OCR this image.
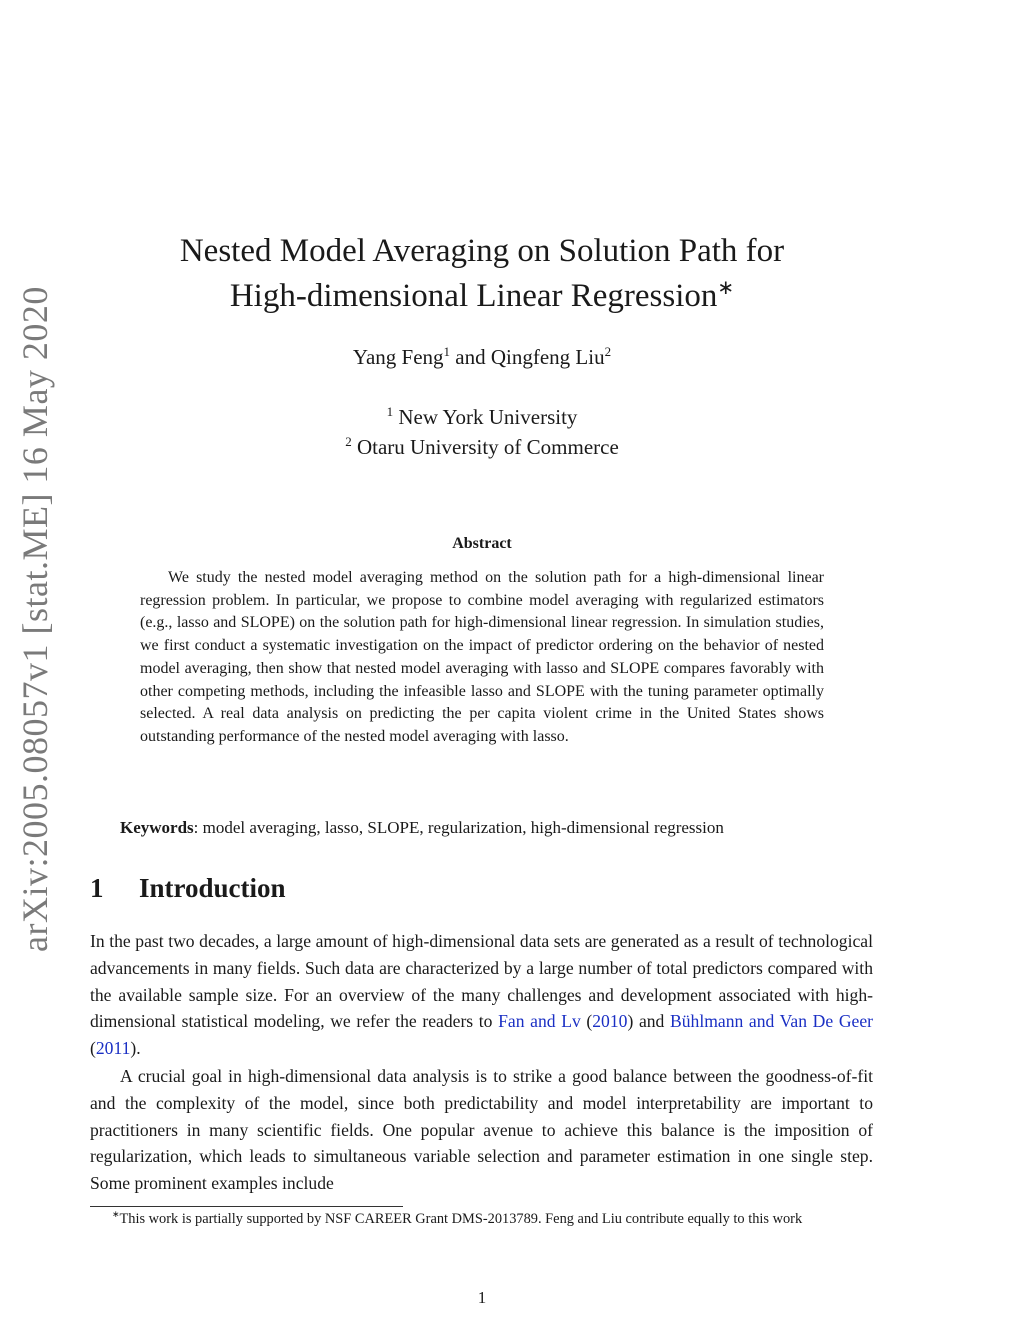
arXiv:2005.08057v1 [stat.ME] 16 May 2020
Nested Model Averaging on Solution Path for
High-dimensional Linear Regression∗
Yang Feng$^1$ and Qingfeng Liu$^2$
$^1$ New York University
$^2$ Otaru University of Commerce
Abstract

We study the nested model averaging method on the solution path for a high-dimensional linear regression problem. In particular, we propose to combine model averaging with regularized estimators (e.g., lasso and SLOPE) on the solution path for high-dimensional linear regression. In simulation studies, we first conduct a systematic investigation on the impact of predictor ordering on the behavior of nested model averaging, then show that nested model averaging with lasso and SLOPE compares favorably with other competing methods, including the infeasible lasso and SLOPE with the tuning parameter optimally selected. A real data analysis on predicting the per capita violent crime in the United States shows outstanding performance of the nested model averaging with lasso.

Keywords: model averaging, lasso, SLOPE, regularization, high-dimensional regression
1 Introduction

In the past two decades, a large amount of high-dimensional data sets are generated as a result of technological advancements in many fields. Such data are characterized by a large number of total predictors compared with the available sample size. For an overview of the many challenges and development associated with high-dimensional statistical modeling, we refer the readers to Fan and Lv (2010) and Bühlmann and Van De Geer (2011).

A crucial goal in high-dimensional data analysis is to strike a good balance between the goodness-of-fit and the complexity of the model, since both predictability and model interpretability are important to practitioners in many scientific fields. One popular avenue to achieve this balance is the imposition of regularization, which leads to simultaneous variable selection and parameter estimation in one single step. Some prominent examples include

∗This work is partially supported by NSF CAREER Grant DMS-2013789. Feng and Liu contribute equally to this work

1
